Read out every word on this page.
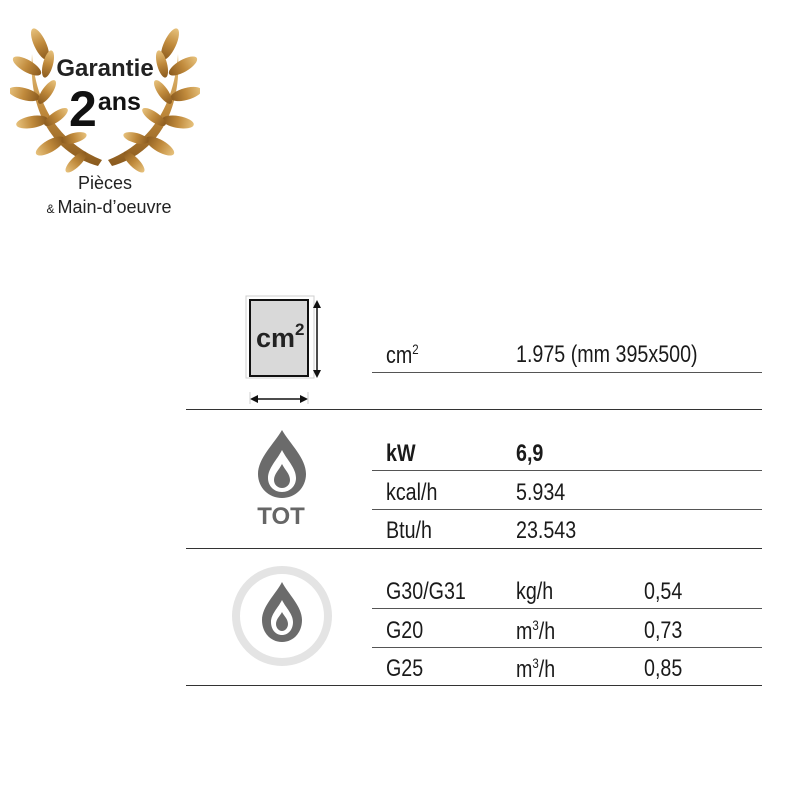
Garantie
2ans
Pièces
& Main-d’oeuvre
$cm^2$
$cm^2$	1.975 (mm 395x500)
TOT
kW	6,9
kcal/h	5.934
Btu/h	23.543
G30/G31 kg/h	0,54
G20	$m^3/h$	0,73
G25	$m^3/h$	0,85
